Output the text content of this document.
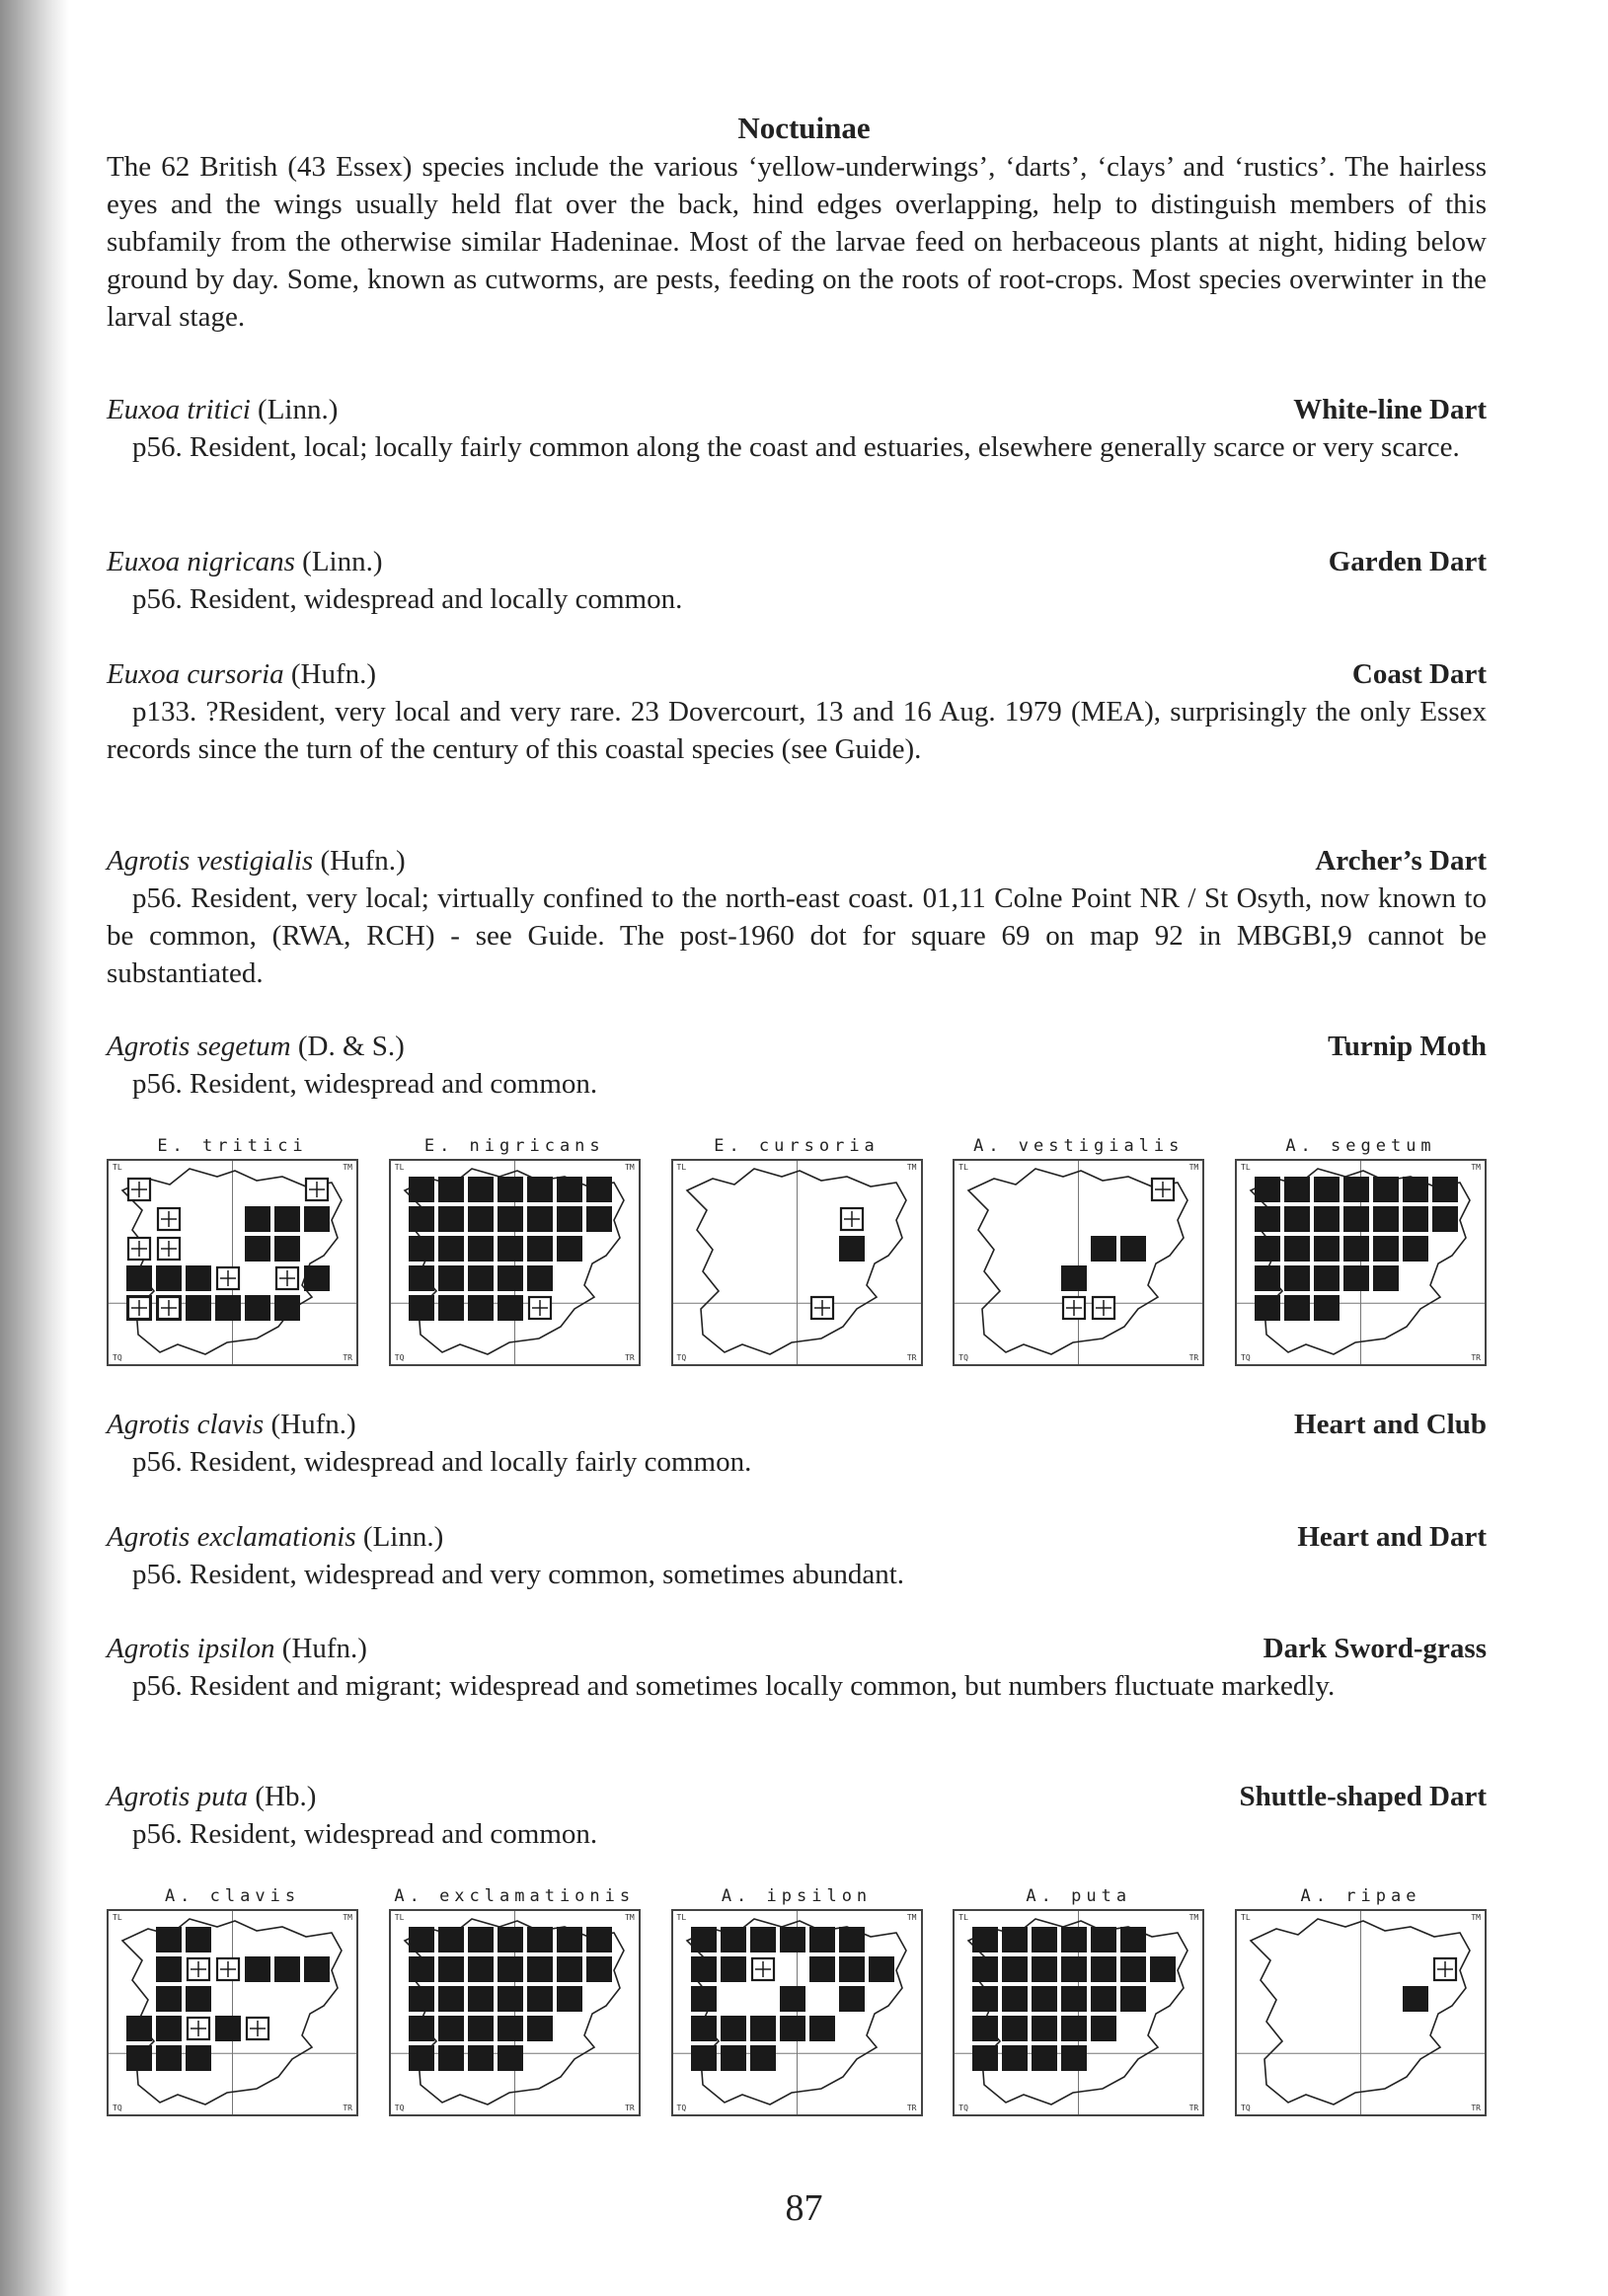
Noctuinae

The 62 British (43 Essex) species include the various ‘yellow-underwings’, ‘darts’, ‘clays’ and ‘rustics’. The hairless eyes and the wings usually held flat over the back, hind edges overlapping, help to distinguish members of this subfamily from the otherwise similar Hadeninae. Most of the larvae feed on herbaceous plants at night, hiding below ground by day. Some, known as cutworms, are pests, feeding on the roots of root-crops. Most species overwinter in the larval stage.

Euxoa tritici (Linn.)	White-line Dart

p56. Resident, local; locally fairly common along the coast and estuaries, elsewhere generally scarce or very scarce.

Euxoa nigricans (Linn.)	Garden Dart

p56. Resident, widespread and locally common.

Euxoa cursoria (Hufn.)	Coast Dart

p133. ?Resident, very local and very rare. 23 Dovercourt, 13 and 16 Aug. 1979 (MEA), surprisingly the only Essex records since the turn of the century of this coastal species (see Guide).

Agrotis vestigialis (Hufn.)	Archer’s Dart

p56. Resident, very local; virtually confined to the north-east coast. 01,11 Colne Point NR / St Osyth, now known to be common, (RWA, RCH) - see Guide. The post-1960 dot for square 69 on map 92 in MBGBI,9 cannot be substantiated.

Agrotis segetum (D. & S.)	Turnip Moth

p56. Resident, widespread and common.

E. tritici
TL	TM
TQ	TR
E. nigricans
TL	TM
TQ	TR
E. cursoria
TL	TM
TQ	TR
A. vestigialis
TL	TM
TQ	TR
A. segetum
TL	TM
TQ	TR
Agrotis clavis (Hufn.)	Heart and Club

p56. Resident, widespread and locally fairly common.

Agrotis exclamationis (Linn.)	Heart and Dart

p56. Resident, widespread and very common, sometimes abundant.

Agrotis ipsilon (Hufn.)	Dark Sword-grass

p56. Resident and migrant; widespread and sometimes locally common, but numbers fluctuate markedly.

Agrotis puta (Hb.)	Shuttle-shaped Dart

p56. Resident, widespread and common.

A. clavis
TL	TM
TQ	TR
A. exclamationis
TL	TM
TQ	TR
A. ipsilon
TL	TM
TQ	TR
A. puta
TL	TM
TQ	TR
A. ripae
TL	TM
TQ	TR
87
